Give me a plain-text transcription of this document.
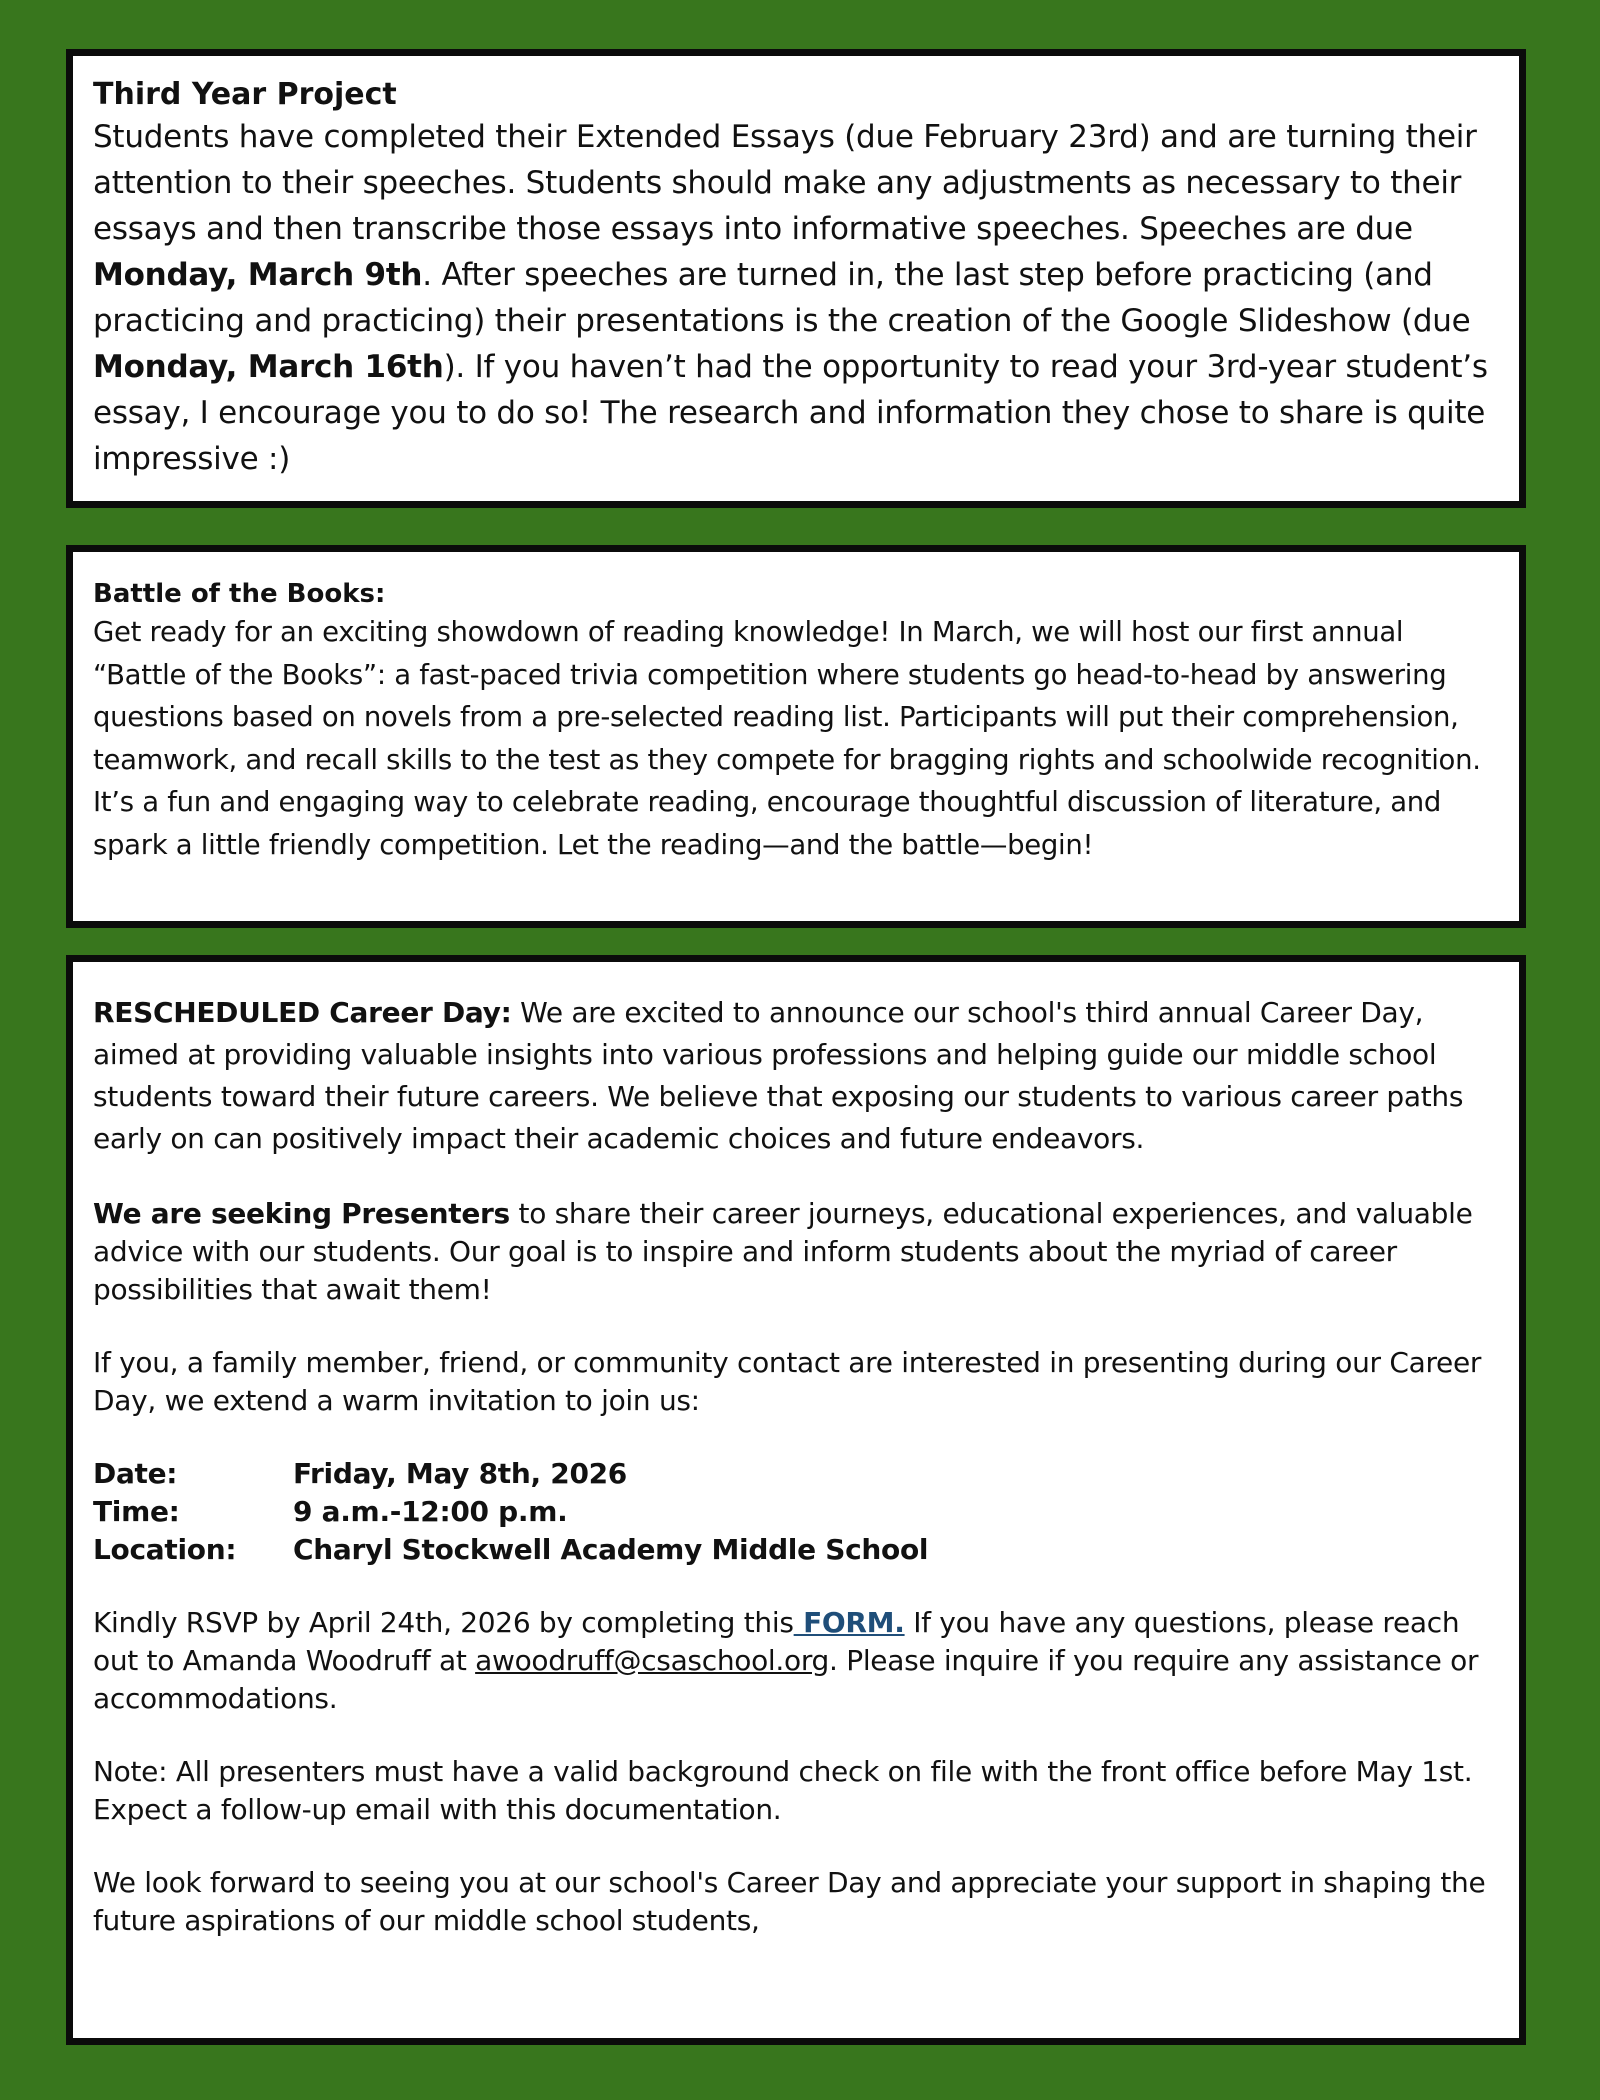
Third Year Project
Students have completed their Extended Essays (due February 23rd) and are turning their attention to their speeches. Students should make any adjustments as necessary to their essays and then transcribe those essays into informative speeches. Speeches are due Monday, March 9th. After speeches are turned in, the last step before practicing (and practicing and practicing) their presentations is the creation of the Google Slideshow (due Monday, March 16th). If you haven’t had the opportunity to read your 3rd-year student’s essay, I encourage you to do so! The research and information they chose to share is quite impressive :)
Battle of the Books:
Get ready for an exciting showdown of reading knowledge! In March, we will host our first annual “Battle of the Books”: a fast-paced trivia competition where students go head-to-head by answering questions based on novels from a pre-selected reading list. Participants will put their comprehension, teamwork, and recall skills to the test as they compete for bragging rights and schoolwide recognition. It’s a fun and engaging way to celebrate reading, encourage thoughtful discussion of literature, and spark a little friendly competition. Let the reading—and the battle—begin!

RESCHEDULED Career Day: We are excited to announce our school's third annual Career Day, aimed at providing valuable insights into various professions and helping guide our middle school students toward their future careers. We believe that exposing our students to various career paths early on can positively impact their academic choices and future endeavors.

We are seeking Presenters to share their career journeys, educational experiences, and valuable advice with our students. Our goal is to inspire and inform students about the myriad of career possibilities that await them!

If you, a family member, friend, or community contact are interested in presenting during our Career Day, we extend a warm invitation to join us:

Date:	Friday, May 8th, 2026
Time:	9 a.m.-12:00 p.m.
Location:	Charyl Stockwell Academy Middle School

Kindly RSVP by April 24th, 2026 by completing this FORM. If you have any questions, please reach out to Amanda Woodruff at awoodruff@csaschool.org. Please inquire if you require any assistance or accommodations.

Note: All presenters must have a valid background check on file with the front office before May 1st. Expect a follow-up email with this documentation.

We look forward to seeing you at our school's Career Day and appreciate your support in shaping the future aspirations of our middle school students,
